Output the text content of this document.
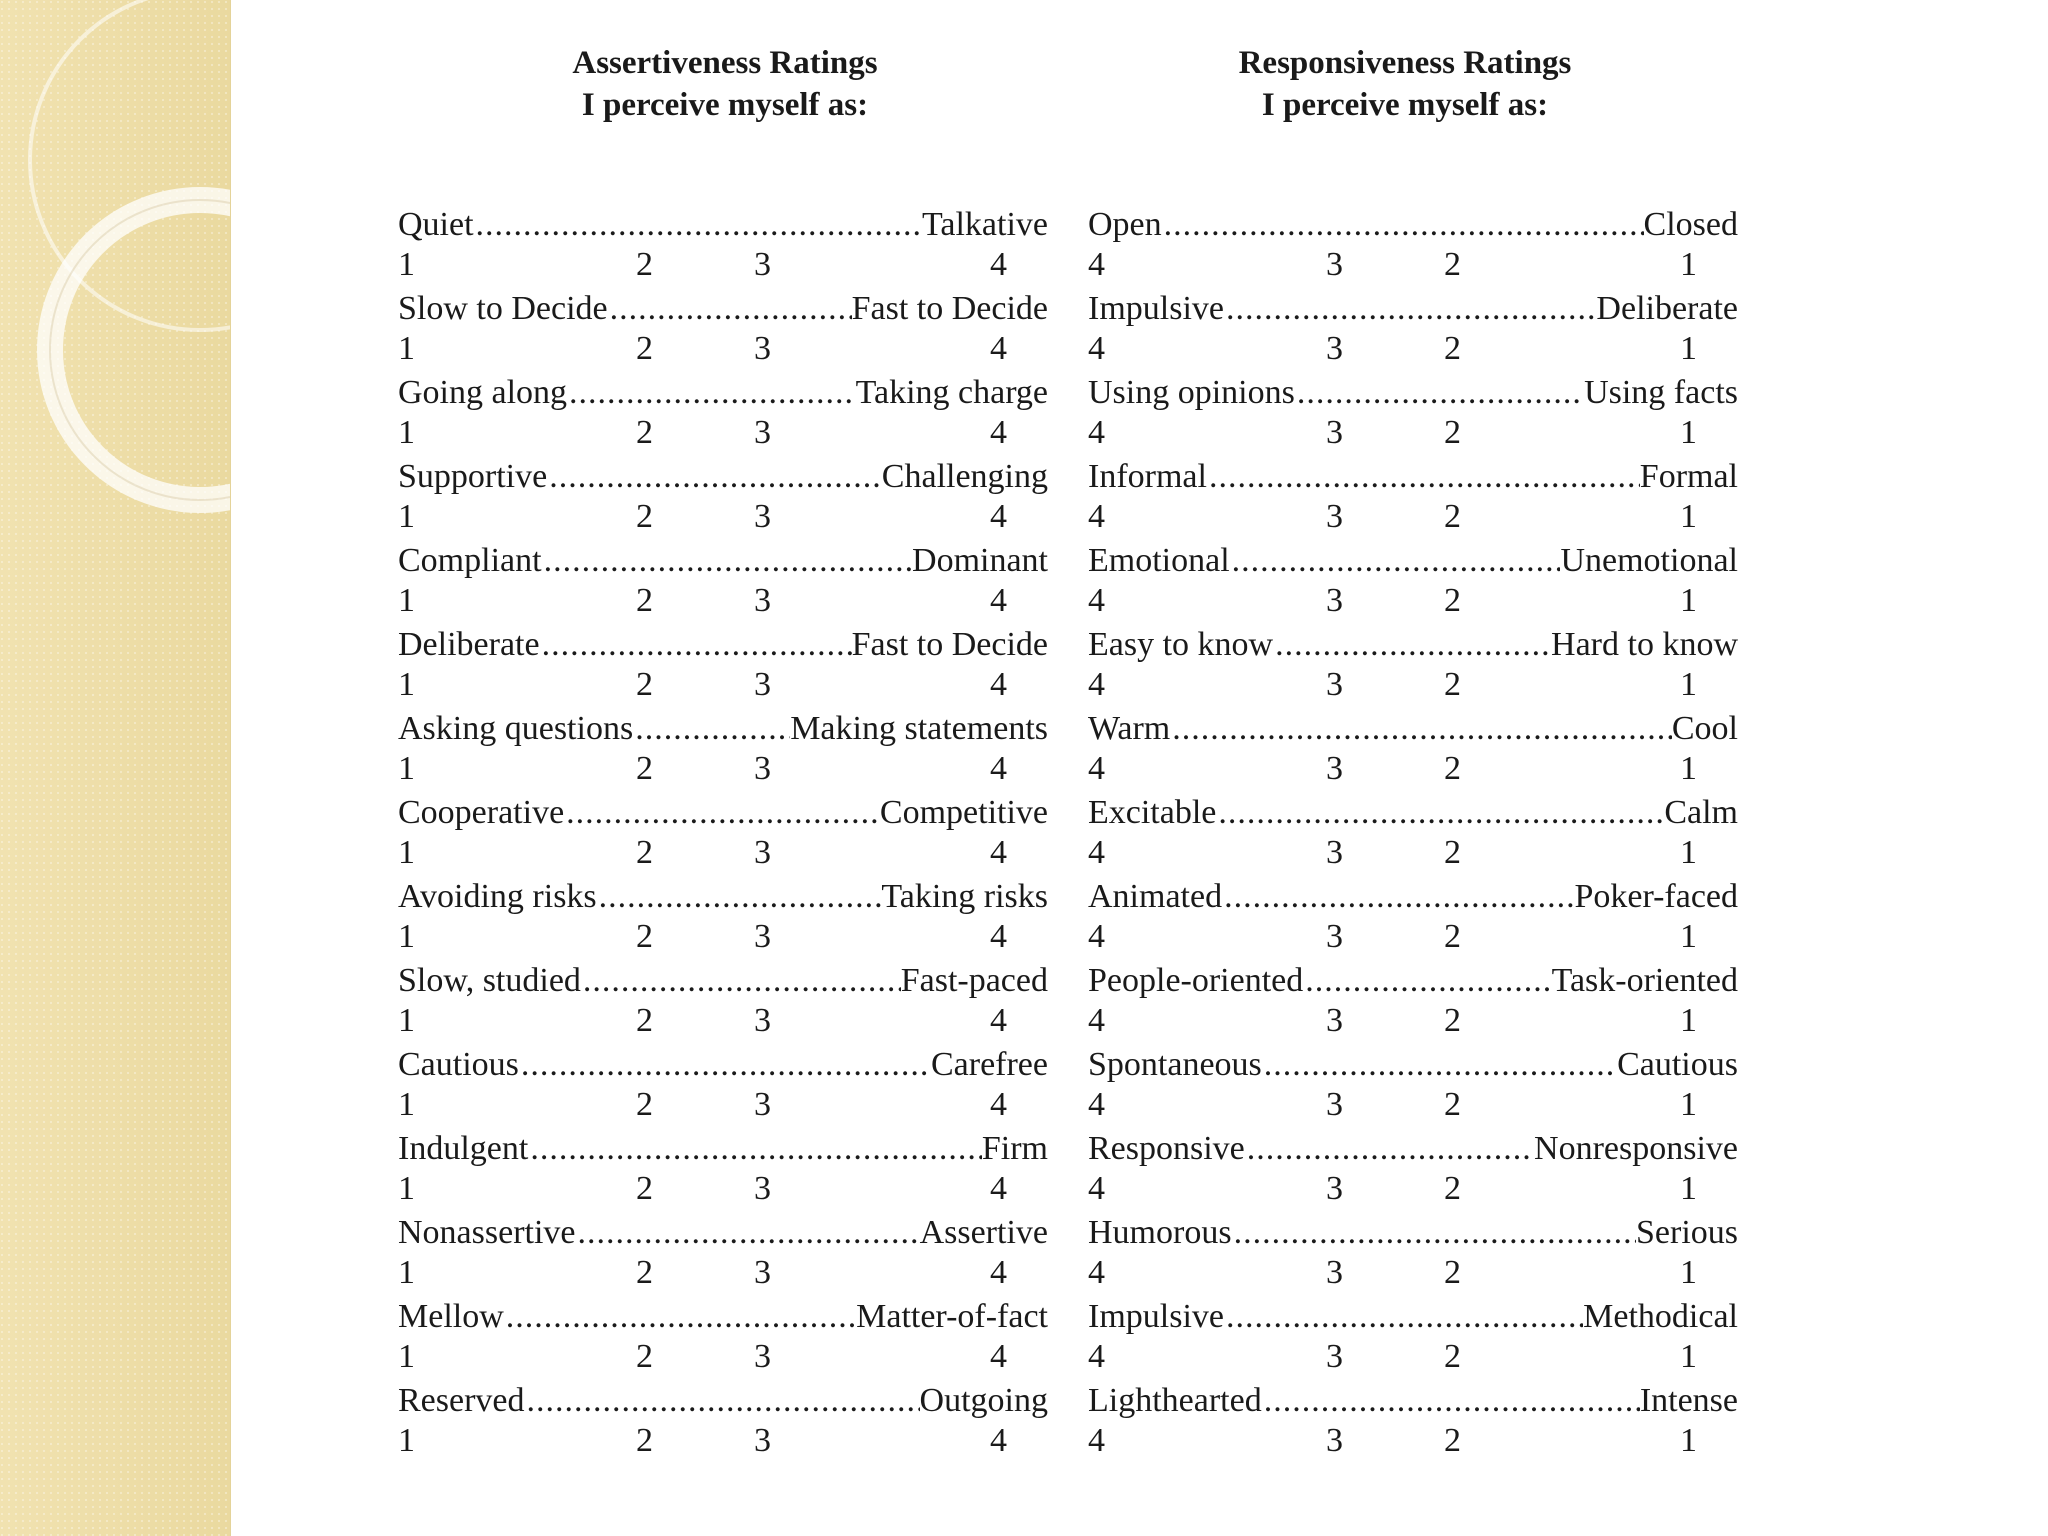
Assertiveness Ratings
I perceive myself as:
Responsiveness Ratings
I perceive myself as:
Quiet .....	Talkative
1	2	3	4
Slow to Decide .....	Fast to Decide
1	2	3	4
Going along .....	Taking charge
1	2	3	4
Supportive .....	Challenging
1	2	3	4
Compliant .....	Dominant
1	2	3	4
Deliberate .....	Fast to Decide
1	2	3	4
Asking questions .....	Making statements
1	2	3	4
Cooperative .....	Competitive
1	2	3	4
Avoiding risks .....	Taking risks
1	2	3	4
Slow, studied .....	Fast-paced
1	2	3	4
Cautious .....	Carefree
1	2	3	4
Indulgent .....	Firm
1	2	3	4
Nonassertive .....	Assertive
1	2	3	4
Mellow .....	Matter-of-fact
1	2	3	4
Reserved .....	Outgoing
1	2	3	4
Open .....	Closed
4	3	2	1
Impulsive .....	Deliberate
4	3	2	1
Using opinions .....	Using facts
4	3	2	1
Informal .....	Formal
4	3	2	1
Emotional .....	Unemotional
4	3	2	1
Easy to know .....	Hard to know
4	3	2	1
Warm .....	Cool
4	3	2	1
Excitable .....	Calm
4	3	2	1
Animated .....	Poker-faced
4	3	2	1
People-oriented .....	Task-oriented
4	3	2	1
Spontaneous .....	Cautious
4	3	2	1
Responsive .....	Nonresponsive
4	3	2	1
Humorous .....	Serious
4	3	2	1
Impulsive .....	Methodical
4	3	2	1
Lighthearted .....	Intense
4	3	2	1
